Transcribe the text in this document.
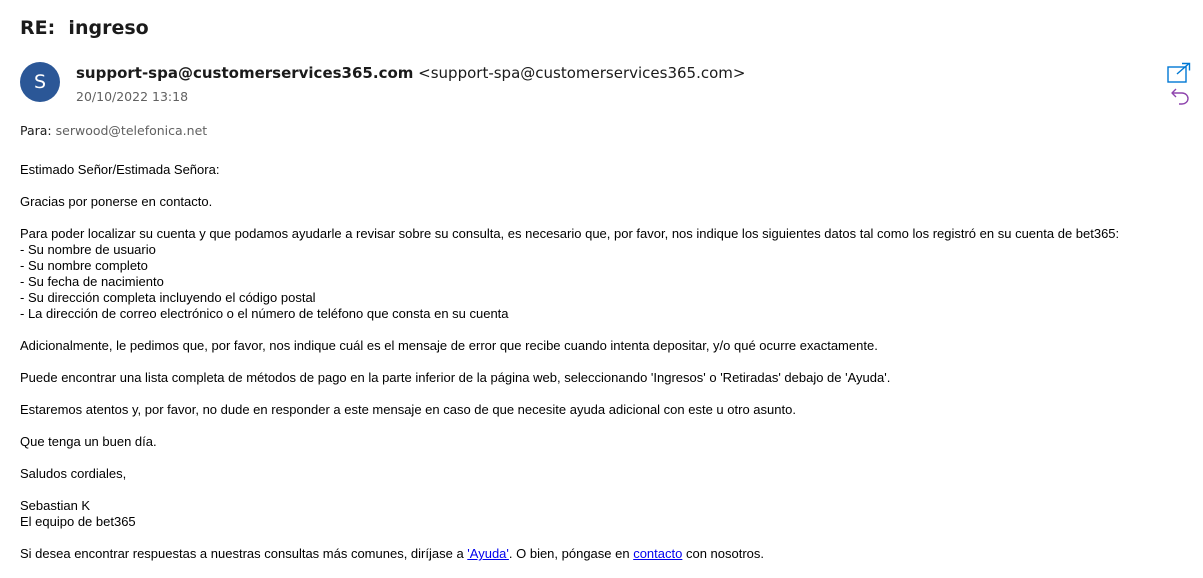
RE:  ingreso
S support-spa@customerservices365.com <support-spa@customerservices365.com>
20/10/2022 13:18
Para: serwood@telefonica.net

Estimado Señor/Estimada Señora:

Gracias por ponerse en contacto.

Para poder localizar su cuenta y que podamos ayudarle a revisar sobre su consulta, es necesario que, por favor, nos indique los siguientes datos tal como los registró en su cuenta de bet365:
- Su nombre de usuario
- Su nombre completo
- Su fecha de nacimiento
- Su dirección completa incluyendo el código postal
- La dirección de correo electrónico o el número de teléfono que consta en su cuenta

Adicionalmente, le pedimos que, por favor, nos indique cuál es el mensaje de error que recibe cuando intenta depositar, y/o qué ocurre exactamente.

Puede encontrar una lista completa de métodos de pago en la parte inferior de la página web, seleccionando 'Ingresos' o 'Retiradas' debajo de 'Ayuda'.

Estaremos atentos y, por favor, no dude en responder a este mensaje en caso de que necesite ayuda adicional con este u otro asunto.

Que tenga un buen día.

Saludos cordiales,

Sebastian K
El equipo de bet365

Si desea encontrar respuestas a nuestras consultas más comunes, diríjase a 'Ayuda'. O bien, póngase en contacto con nosotros.
